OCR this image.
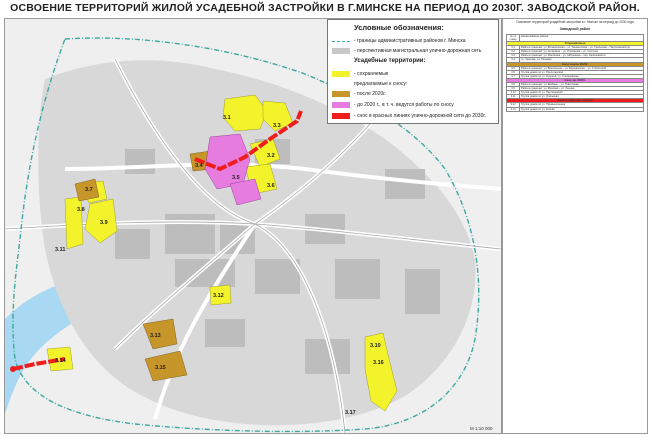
ОСВОЕНИЕ ТЕРРИТОРИЙ ЖИЛОЙ УСАДЕБНОЙ ЗАСТРОЙКИ В Г.МИНСКЕ НА ПЕРИОД ДО 2030Г. ЗАВОДСКОЙ РАЙОН.
3.1
3.2
3.3
3.4
3.5
3.6
3.7
3.8
3.9
3.10
3.11
3.12
3.13
3.14
3.15
3.16
3.17
Условные обозначения:
- границы административных районов г. Минска
- перспективная магистральная улично-дорожная сеть
Усадебные территории:
- сохраняемые
предлагаемые к сносу:
- после 2020г.
- до 2020 г., в т. ч. ведутся работы по сносу
- снос в красных линиях улично-дорожной сети до 2030г.
Освоение территорий усадебной застройки в г. Минске на период до 2030 года
Заводской район
№ по плану	Наименование района
Сохраняемые	
3.1	Район в границах: ул. Ботаническая – ул. Ташкентская – ул. Уральская – Партизанский пр.
3.2	Район в границах: ул. Ангарская – ул. Плеханова – ул. Солтыса
3.3	Район в границах: ул. Малинина – ул. Кабушкина – пер. Калиновского
3.4	ул. Чкалова, ул. Полевая
Снос после 2020г.	
3.5	Район в границах: ул. Вокзальная – ул. Бородинская – ул. Строителей
3.6	Группа домов по ул. Пролетарской
3.7	Группа домов по ул. Кнорина, ул. Стахановская
Снос до 2020г.	
3.8	Район в границах: ул. Шабаны – ул. Тракторная
3.9	Район в границах: ул. Меховая – ул. Ленина
3.10	Группа домов по ул. Партизанский
3.11	Группа домов по ул. Уральская
Снос в красных линиях	
3.12	Группа домов по ул. Промышленная
3.13	Группа домов по ул. Кирова
М 1:10 000
